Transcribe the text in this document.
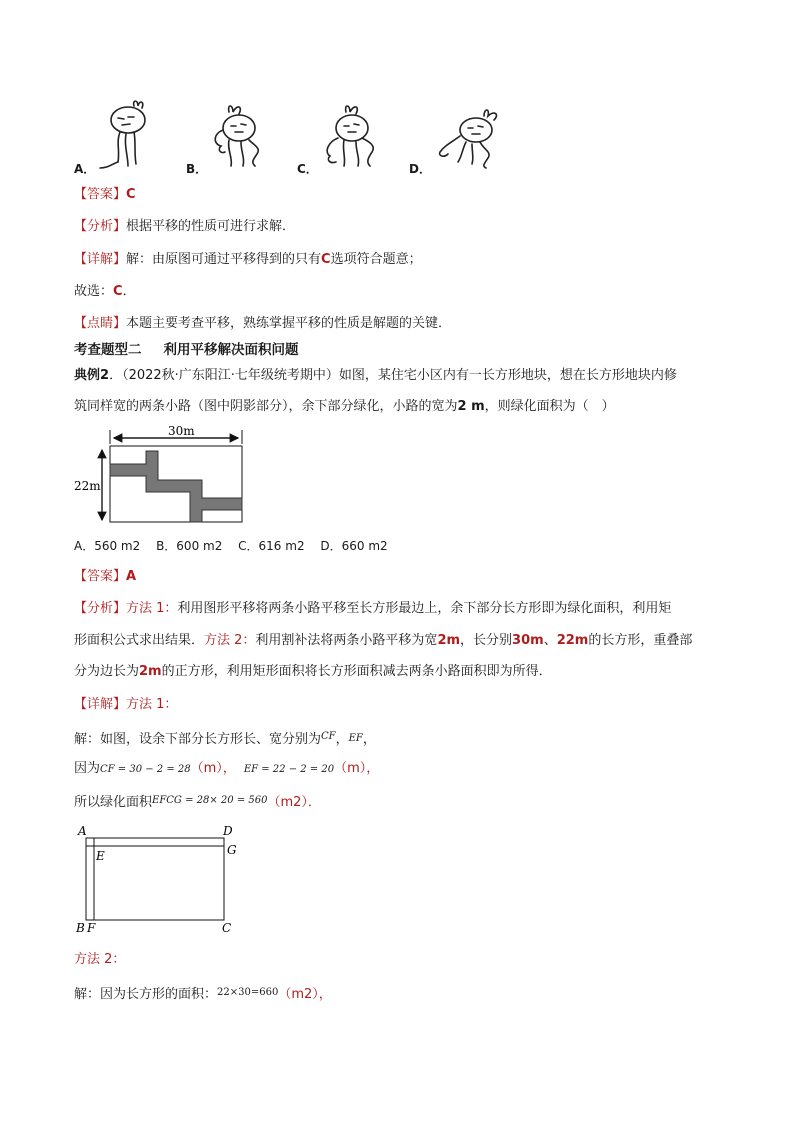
A．	B．	C．	D．
【答案】C
【分析】根据平移的性质可进行求解．
【详解】解：由原图可通过平移得到的只有C选项符合题意；
故选：C．
【点睛】本题主要考查平移，熟练掌握平移的性质是解题的关键．
考查题型二 利用平移解决面积问题
典例2．（2022秋·广东阳江·七年级统考期中）如图，某住宅小区内有一长方形地块，想在长方形地块内修
筑同样宽的两条小路（图中阴影部分），余下部分绿化，小路的宽为2 m，则绿化面积为（　）
30m
22m
A．560 m2　 B．600 m2　 C．616 m2　 D．660 m2
【答案】A
【分析】方法 1：利用图形平移将两条小路平移至长方形最边上，余下部分长方形即为绿化面积，利用矩
形面积公式求出结果．方法 2：利用割补法将两条小路平移为宽2m，长分别30m、22m的长方形，重叠部
分为边长为2m的正方形，利用矩形面积将长方形面积减去两条小路面积即为所得．
【详解】方法 1：
解：如图，设余下部分长方形长、宽分别为$^{CF}$，EF，
因为CF = 30 − 2 = 28（m）， EF = 22 − 2 = 20（m），
所以绿化面积$^{EFCG = 28\times 20 = 560}$（m2）．
A	D
E	G
B F	C
方法 2：
解：因为长方形的面积：$^{22\times 30=660}$（m2），
